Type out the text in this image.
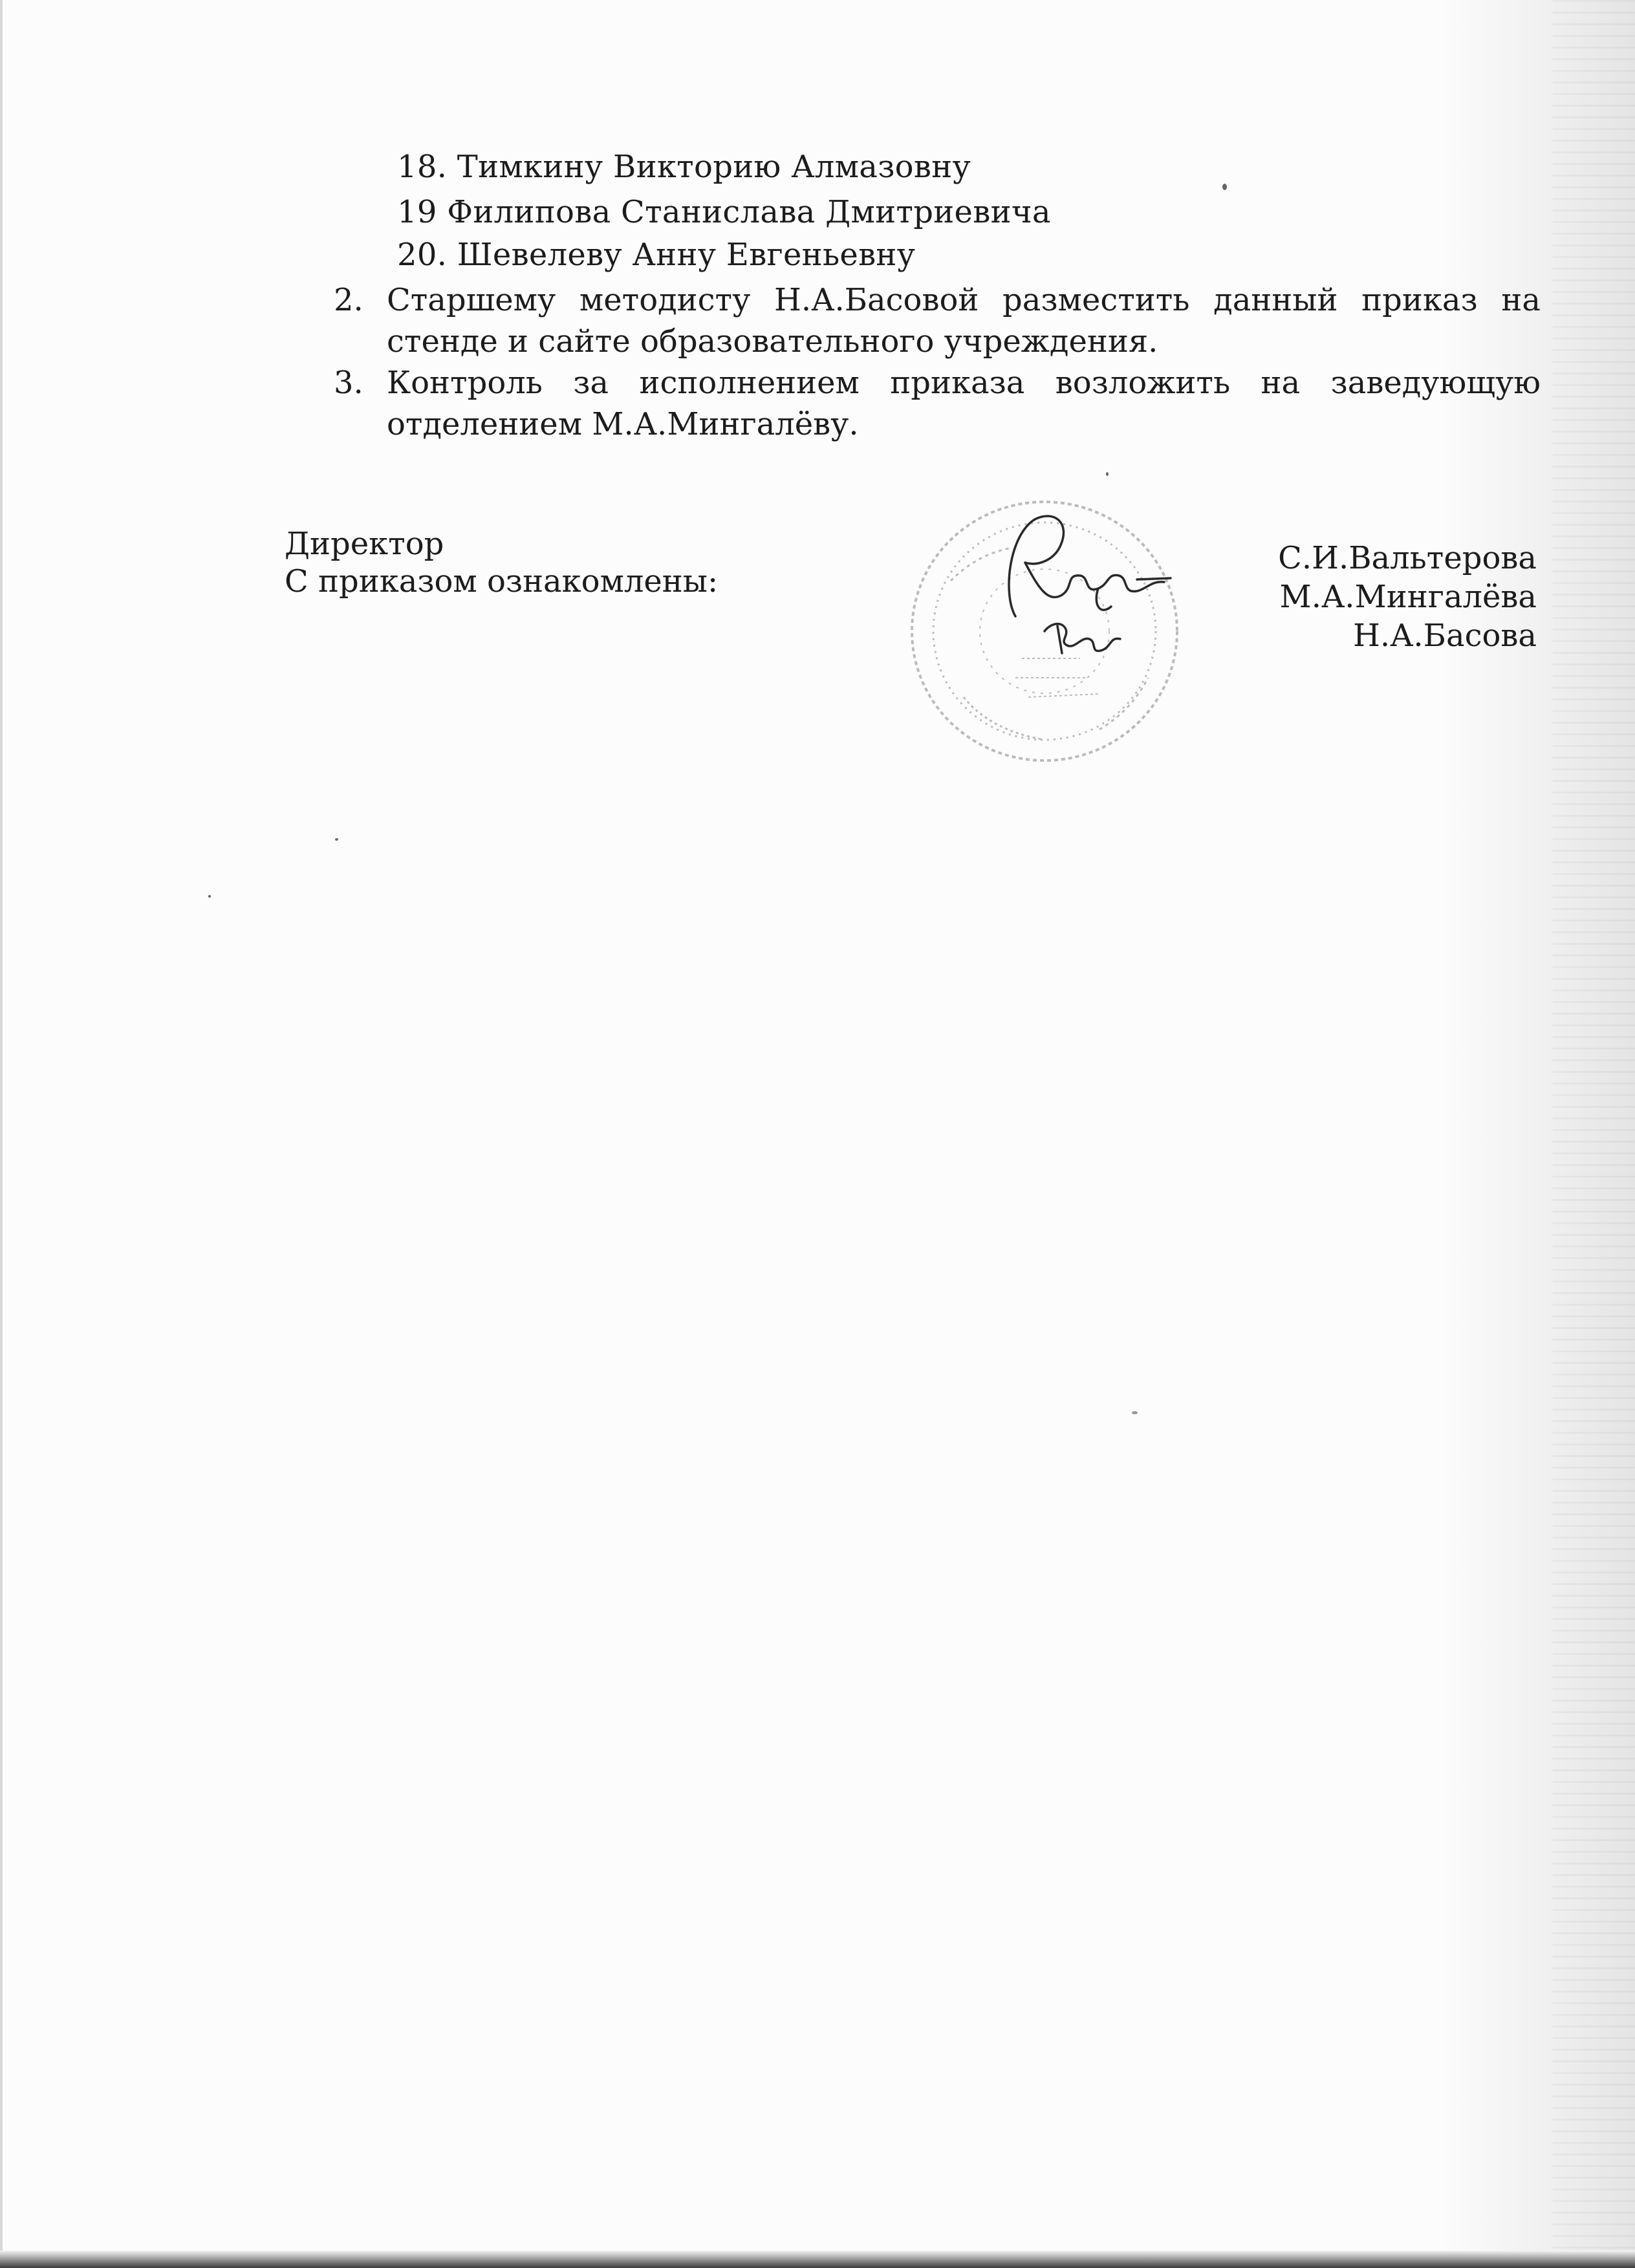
18. Тимкину Викторию Алмазовну
19 Филипова Станислава Дмитриевича
20. Шевелеву Анну Евгеньевну
2. Старшему методисту Н.А.Басовой разместить данный приказ на стенде и сайте образовательного учреждения.
3. Контроль за исполнением приказа возложить на заведующую отделением М.А.Мингалёву.
Директор
С приказом ознакомлены:
С.И.Вальтерова
М.А.Мингалёва
Н.А.Басова
